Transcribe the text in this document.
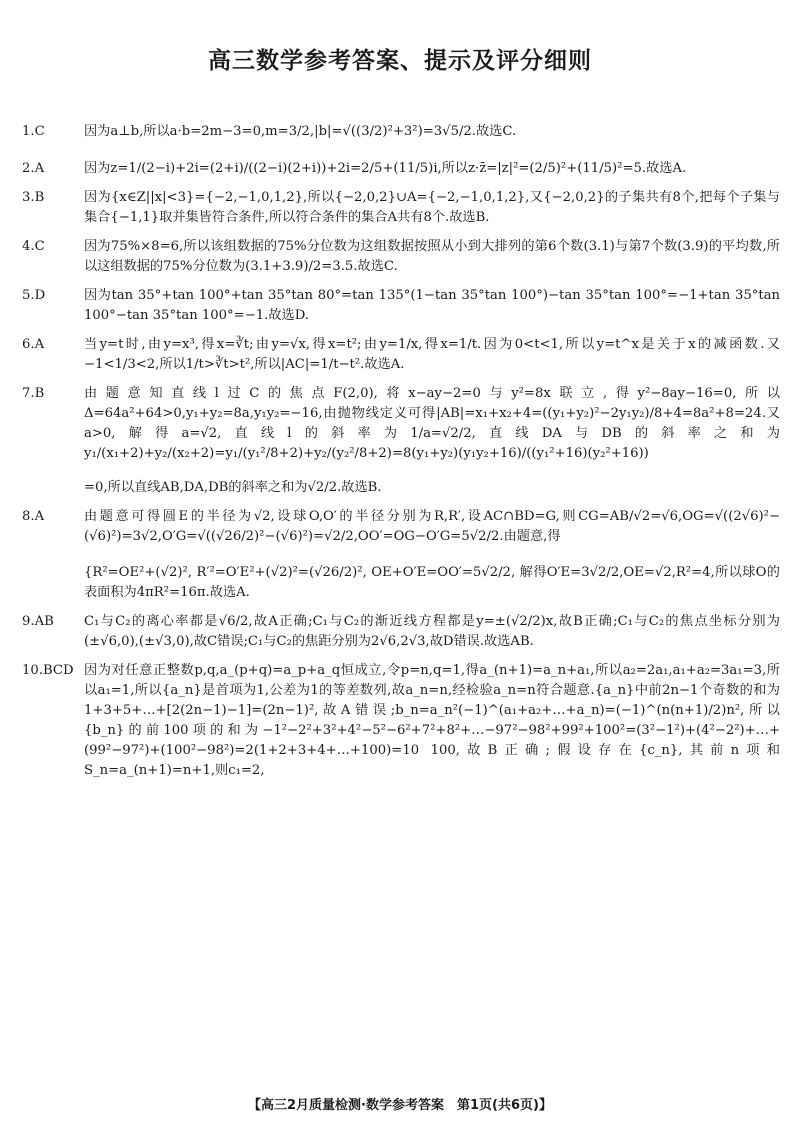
高三数学参考答案、提示及评分细则
1.C	因为a⊥b,所以a·b=2m−3=0,m=3/2,|b|=√((3/2)²+3²)=3√5/2.故选C.

2.A	因为z=1/(2−i)+2i=(2+i)/((2−i)(2+i))+2i=2/5+(11/5)i,所以z·z̄=|z|²=(2/5)²+(11/5)²=5.故选A.

3.B	因为{x∈Z||x|<3}={−2,−1,0,1,2},所以{−2,0,2}∪A={−2,−1,0,1,2},又{−2,0,2}的子集共有8个,把每个子集与集合{−1,1}取并集皆符合条件,所以符合条件的集合A共有8个.故选B.

4.C	因为75%×8=6,所以该组数据的75%分位数为这组数据按照从小到大排列的第6个数(3.1)与第7个数(3.9)的平均数,所以这组数据的75%分位数为(3.1+3.9)/2=3.5.故选C.

5.D	因为tan 35°+tan 100°+tan 35°tan 80°=tan 135°(1−tan 35°tan 100°)−tan 35°tan 100°=−1+tan 35°tan 100°−tan 35°tan 100°=−1.故选D.

6.A	当y=t时,由y=x³,得x=∛t;由y=√x,得x=t²;由y=1/x,得x=1/t.因为0<t<1,所以y=t^x是关于x的减函数.又−1<1/3<2,所以1/t>∛t>t²,所以|AC|=1/t−t².故选A.

7.B	由题意知直线l过C的焦点F(2,0),将x−ay−2=0与y²=8x联立,得y²−8ay−16=0,所以Δ=64a²+64>0,y₁+y₂=8a,y₁y₂=−16,由抛物线定义可得|AB|=x₁+x₂+4=((y₁+y₂)²−2y₁y₂)/8+4=8a²+8=24.又a>0,解得a=√2,直线l的斜率为1/a=√2/2,直线DA与DB的斜率之和为y₁/(x₁+2)+y₂/(x₂+2)=y₁/(y₁²/8+2)+y₂/(y₂²/8+2)=8(y₁+y₂)(y₁y₂+16)/((y₁²+16)(y₂²+16))

=0,所以直线AB,DA,DB的斜率之和为√2/2.故选B.

8.A	由题意可得圆E的半径为√2,设球O,O′的半径分别为R,R′,设AC∩BD=G,则CG=AB/√2=√6,OG=√((2√6)²−(√6)²)=3√2,O′G=√((√26/2)²−(√6)²)=√2/2,OO′=OG−O′G=5√2/2.由题意,得

{R²=OE²+(√2)², R′²=O′E²+(√2)²=(√26/2)², OE+O′E=OO′=5√2/2, 解得O′E=3√2/2,OE=√2,R²=4,所以球O的表面积为4πR²=16π.故选A.

9.AB	C₁与C₂的离心率都是√6/2,故A正确;C₁与C₂的渐近线方程都是y=±(√2/2)x,故B正确;C₁与C₂的焦点坐标分别为(±√6,0),(±√3,0),故C错误;C₁与C₂的焦距分别为2√6,2√3,故D错误.故选AB.

10.BCD 因为对任意正整数p,q,a_(p+q)=a_p+a_q恒成立,令p=n,q=1,得a_(n+1)=a_n+a₁,所以a₂=2a₁,a₁+a₂=3a₁=3,所以a₁=1,所以{a_n}是首项为1,公差为1的等差数列,故a_n=n,经检验a_n=n符合题意.{a_n}中前2n−1个奇数的和为1+3+5+…+[2(2n−1)−1]=(2n−1)²,故A错误;b_n=a_n²(−1)^(a₁+a₂+…+a_n)=(−1)^(n(n+1)/2)n²,所以{b_n}的前100项的和为−1²−2²+3²+4²−5²−6²+7²+8²+…−97²−98²+99²+100²=(3²−1²)+(4²−2²)+…+(99²−97²)+(100²−98²)=2(1+2+3+4+…+100)=10 100,故B正确;假设存在{c_n},其前n项和S_n=a_(n+1)=n+1,则c₁=2,

【高三2月质量检测·数学参考答案　第1页(共6页)】
